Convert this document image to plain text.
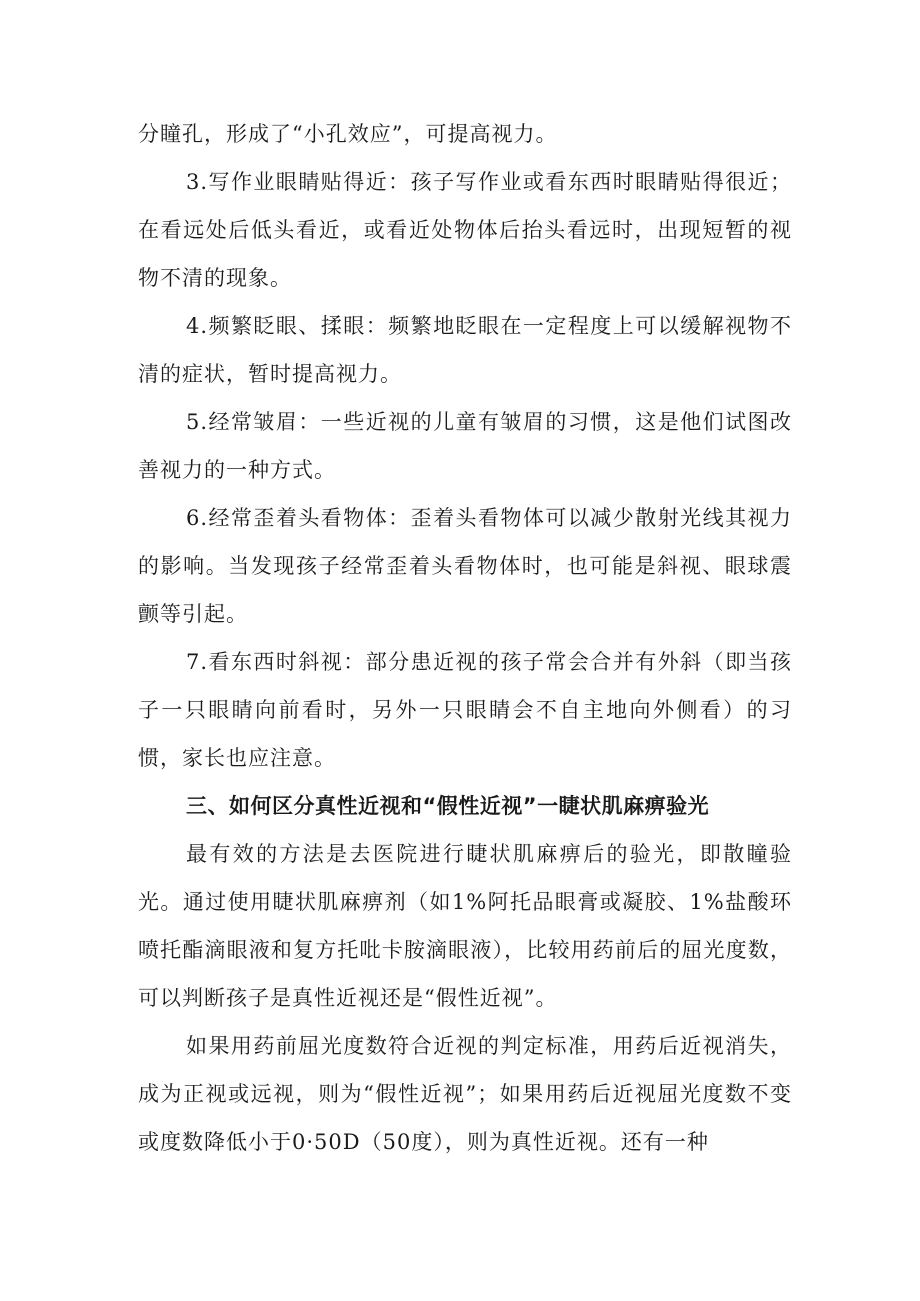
分瞳孔，形成了“小孔效应”，可提高视力。

3.写作业眼睛贴得近：孩子写作业或看东西时眼睛贴得很近；在看远处后低头看近，或看近处物体后抬头看远时，出现短暂的视物不清的现象。

4.频繁眨眼、揉眼：频繁地眨眼在一定程度上可以缓解视物不清的症状，暂时提高视力。

5.经常皱眉：一些近视的儿童有皱眉的习惯，这是他们试图改善视力的一种方式。

6.经常歪着头看物体：歪着头看物体可以减少散射光线其视力的影响。当发现孩子经常歪着头看物体时，也可能是斜视、眼球震颤等引起。

7.看东西时斜视：部分患近视的孩子常会合并有外斜（即当孩子一只眼睛向前看时，另外一只眼睛会不自主地向外侧看）的习惯，家长也应注意。

三、如何区分真性近视和“假性近视”一睫状肌麻痹验光

最有效的方法是去医院进行睫状肌麻痹后的验光，即散瞳验光。通过使用睫状肌麻痹剂（如1%阿托品眼膏或凝胶、1%盐酸环喷托酯滴眼液和复方托吡卡胺滴眼液），比较用药前后的屈光度数，可以判断孩子是真性近视还是“假性近视”。

如果用药前屈光度数符合近视的判定标准，用药后近视消失，成为正视或远视，则为“假性近视”；如果用药后近视屈光度数不变或度数降低小于0·50D（50度），则为真性近视。还有一种
